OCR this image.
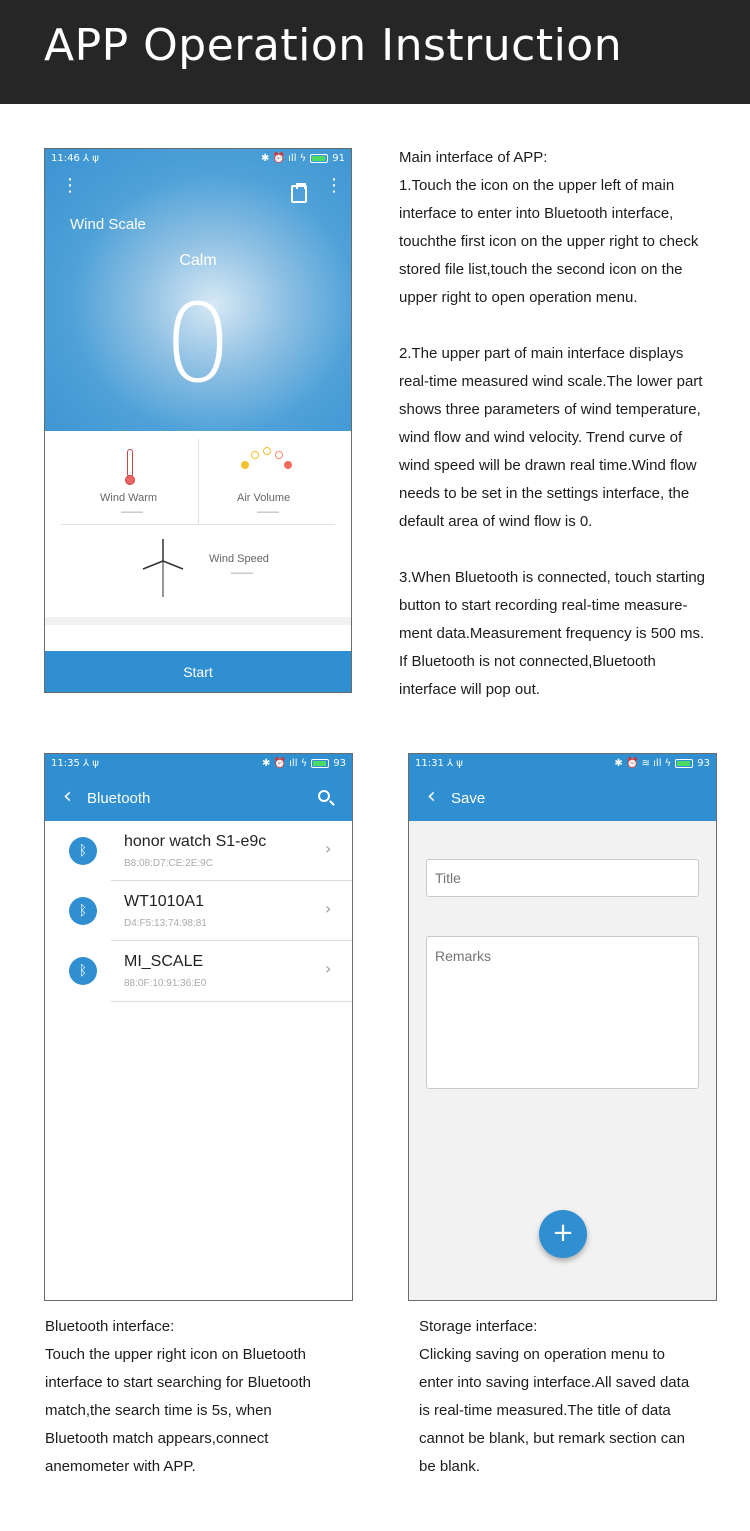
APP Operation Instruction
11:46 ⅄ ψ	✱ ⏰ ıll ϟ	91
⋮	⋮
Wind Scale
Calm
0
Wind Warm
——
Air Volume
——
Wind Speed
——
Start

Main interface of APP:

1.Touch the icon on the upper left of main

interface to enter into Bluetooth interface,

touchthe first icon on the upper right to check

stored file list,touch the second icon on the

upper right to open operation menu.

2.The upper part of main interface displays

real-time measured wind scale.The lower part

shows three parameters of wind temperature,

wind flow and wind velocity. Trend curve of

wind speed will be drawn real time.Wind flow

needs to be set in the settings interface, the

default area of wind flow is 0.

3.When Bluetooth is connected, touch starting

button to start recording real-time measure-

ment data.Measurement frequency is 500 ms.

If Bluetooth is not connected,Bluetooth

interface will pop out.

11:35 ⅄ ψ	✱ ⏰ ıll ϟ	93
‹ Bluetooth
ᛒ
honor watch S1-e9c
B8:08:D7:CE:2E:9C
›
ᛒ
WT1010A1
D4:F5:13:74:98:81
›
ᛒ
MI_SCALE
88:0F:10:91:36:E0
›
11:31 ⅄ ψ	✱ ⏰ ≋ ıll ϟ	93
‹ Save
Title
Remarks
+

Bluetooth interface:

Touch the upper right icon on Bluetooth

interface to start searching for Bluetooth

match,the search time is 5s, when

Bluetooth match appears,connect

anemometer with APP.

Storage interface:

Clicking saving on operation menu to

enter into saving interface.All saved data

is real-time measured.The title of data

cannot be blank, but remark section can

be blank.
